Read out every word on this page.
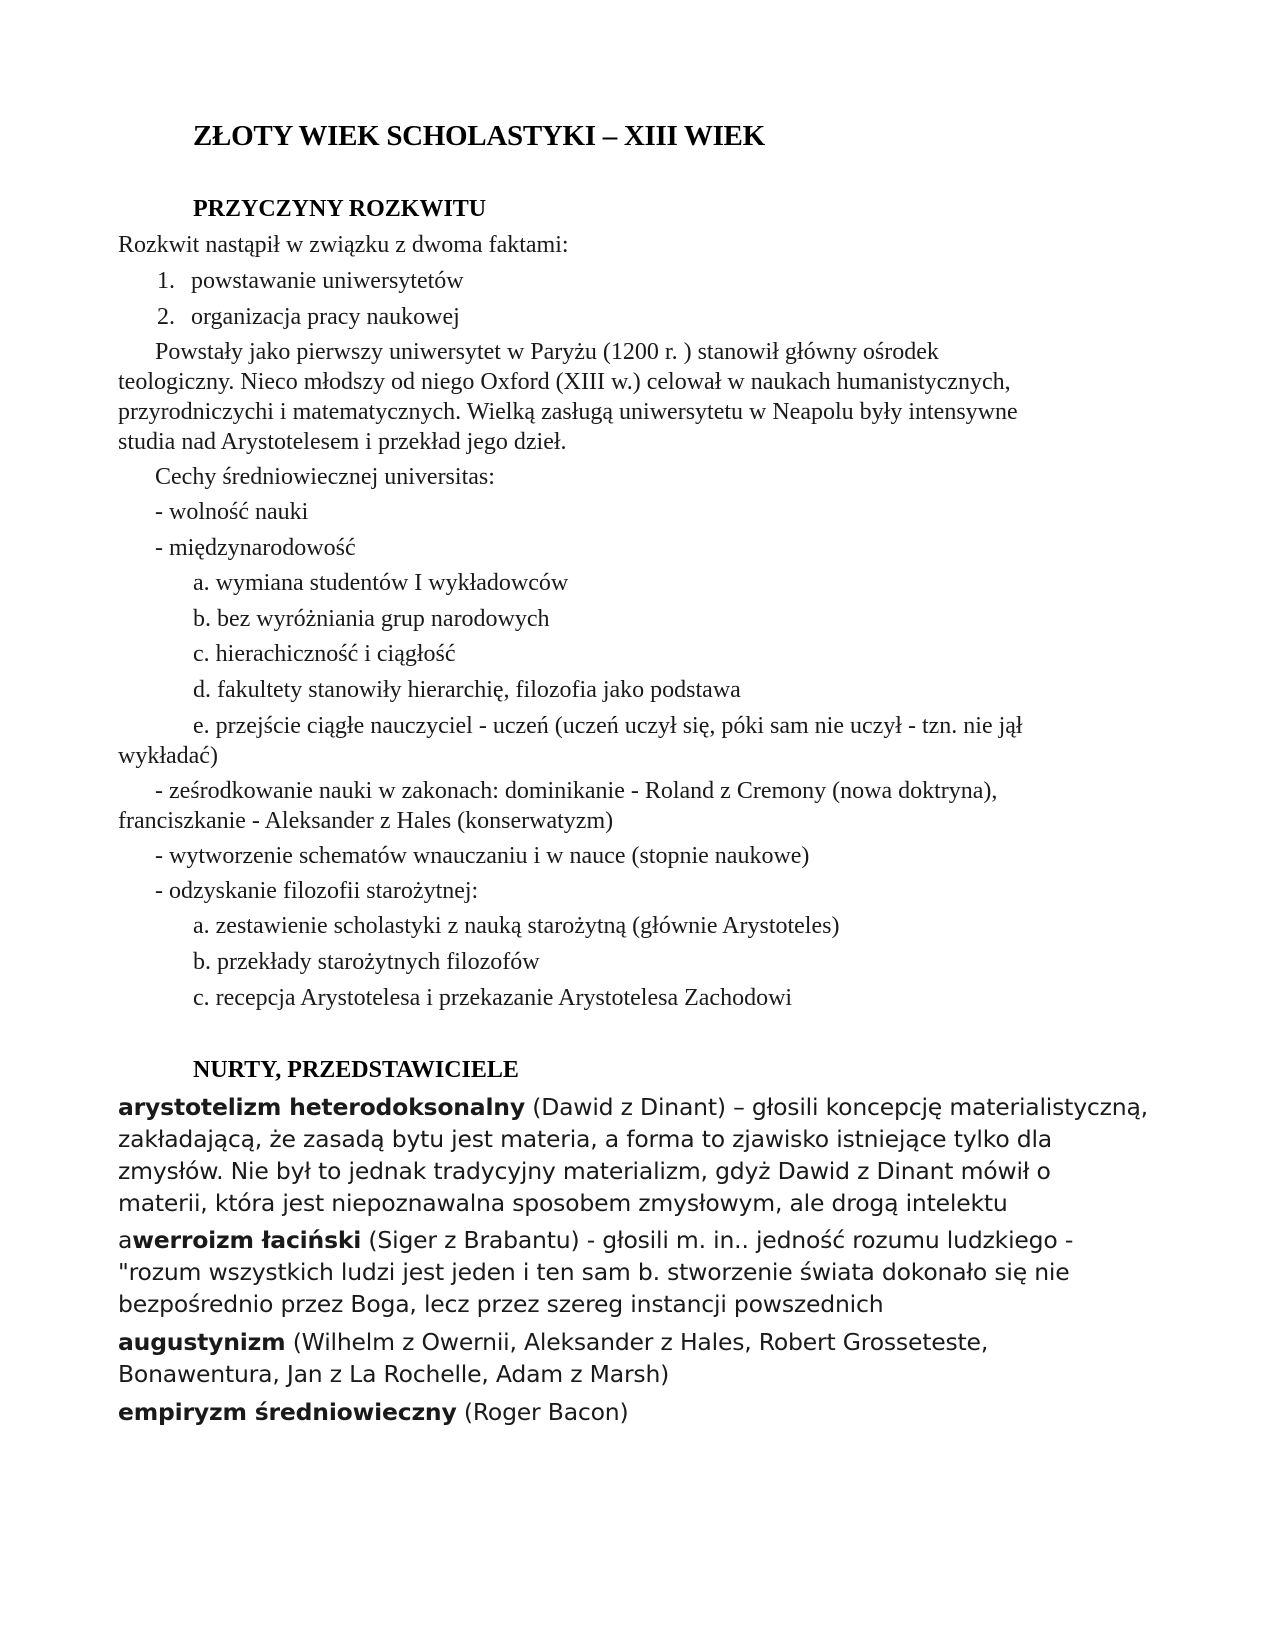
ZŁOTY WIEK SCHOLASTYKI – XIII WIEK
PRZYCZYNY ROZKWITU
Rozkwit nastąpił w związku z dwoma faktami:
1. powstawanie uniwersytetów
2. organizacja pracy naukowej
Powstały jako pierwszy uniwersytet w Paryżu (1200 r. ) stanowił główny ośrodek
teologiczny. Nieco młodszy od niego Oxford (XIII w.) celował w naukach humanistycznych,
przyrodniczychi i matematycznych. Wielką zasługą uniwersytetu w Neapolu były intensywne
studia nad Arystotelesem i przekład jego dzieł.
Cechy średniowiecznej universitas:
- wolność nauki
- międzynarodowość
a. wymiana studentów I wykładowców
b. bez wyróżniania grup narodowych
c. hierachiczność i ciągłość
d. fakultety stanowiły hierarchię, filozofia jako podstawa
e. przejście ciągłe nauczyciel - uczeń (uczeń uczył się, póki sam nie uczył - tzn. nie jął
wykładać)
- ześrodkowanie nauki w zakonach: dominikanie - Roland z Cremony (nowa doktryna),
franciszkanie - Aleksander z Hales (konserwatyzm)
- wytworzenie schematów wnauczaniu i w nauce (stopnie naukowe)
- odzyskanie filozofii starożytnej:
a. zestawienie scholastyki z nauką starożytną (głównie Arystoteles)
b. przekłady starożytnych filozofów
c. recepcja Arystotelesa i przekazanie Arystotelesa Zachodowi
NURTY, PRZEDSTAWICIELE
arystotelizm heterodoksonalny (Dawid z Dinant) – głosili koncepcję materialistyczną,
zakładającą, że zasadą bytu jest materia, a forma to zjawisko istniejące tylko dla
zmysłów. Nie był to jednak tradycyjny materializm, gdyż Dawid z Dinant mówił o
materii, która jest niepoznawalna sposobem zmysłowym, ale drogą intelektu
awerroizm łaciński (Siger z Brabantu) - głosili m. in.. jedność rozumu ludzkiego -
"rozum wszystkich ludzi jest jeden i ten sam b. stworzenie świata dokonało się nie
bezpośrednio przez Boga, lecz przez szereg instancji powszednich
augustynizm (Wilhelm z Owernii, Aleksander z Hales, Robert Grosseteste,
Bonawentura, Jan z La Rochelle, Adam z Marsh)
empiryzm średniowieczny (Roger Bacon)
